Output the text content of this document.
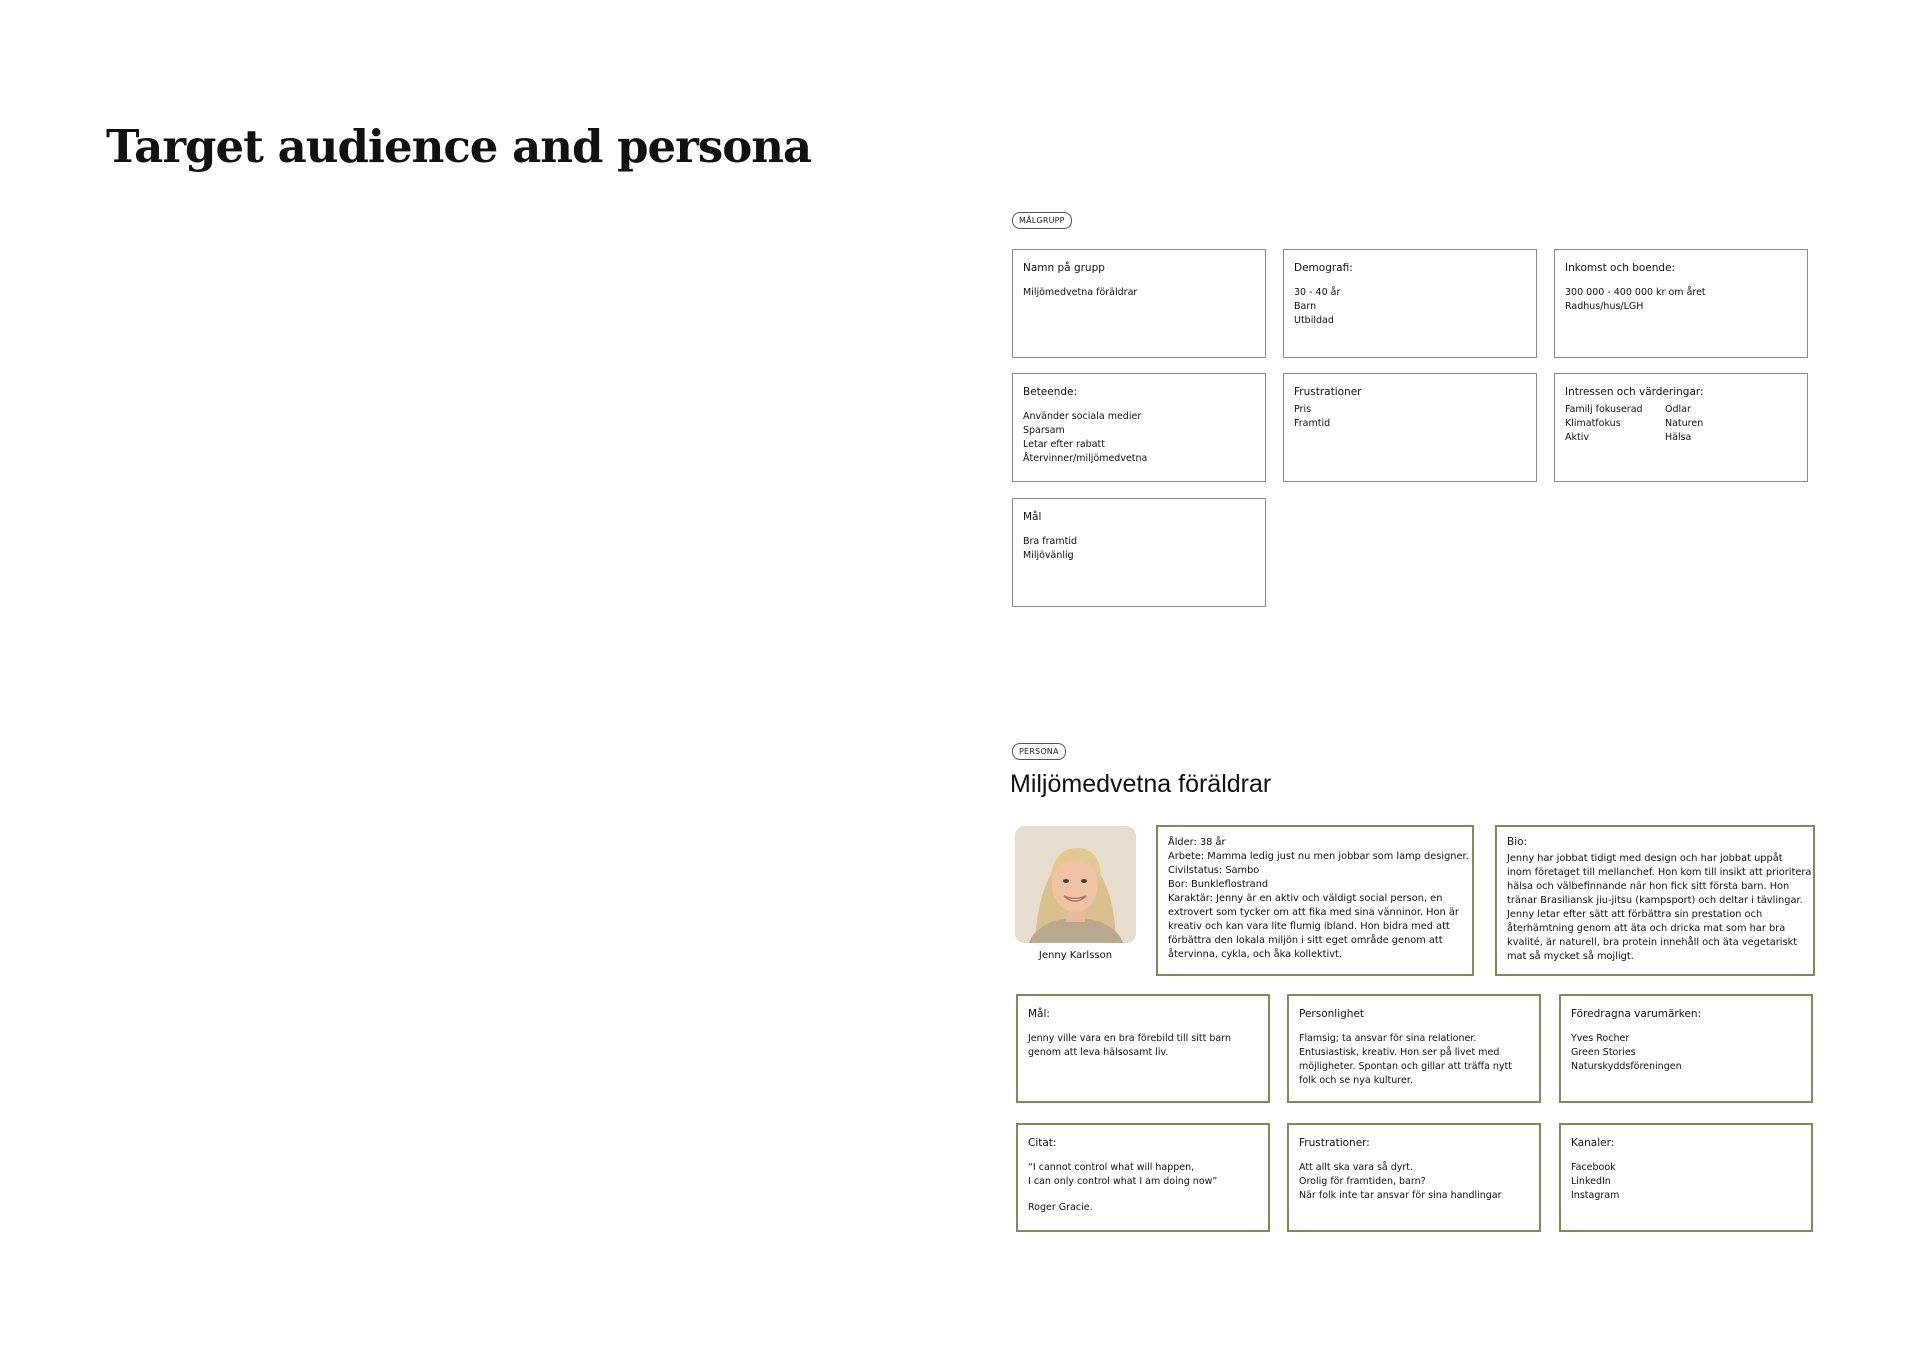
Target audience and persona
MÅLGRUPP
Namn på grupp
Miljömedvetna föräldrar
Demografi:
30 - 40 år
Barn
Utbildad
Inkomst och boende:
300 000 - 400 000 kr om året
Radhus/hus/LGH
Beteende:
Använder sociala medier
Sparsam
Letar efter rabatt
Återvinner/miljömedvetna
Frustrationer
Pris
Framtid
Intressen och värderingar:
Familj fokuserad
Klimatfokus
Aktiv
Odlar
Naturen
Hälsa
Mål
Bra framtid
Miljövänlig
PERSONA
Miljömedvetna föräldrar
Jenny Karlsson
Ålder: 38 år
Arbete: Mamma ledig just nu men jobbar som lamp designer.
Civilstatus: Sambo
Bor: Bunkleflostrand
Karaktär: Jenny är en aktiv och väldigt social person, en
extrovert som tycker om att fika med sina vänninor. Hon är
kreativ och kan vara lite flumig ibland. Hon bidra med att
förbättra den lokala miljön i sitt eget område genom att
återvinna, cykla, och åka kollektivt.
Bio:
Jenny har jobbat tidigt med design och har jobbat uppåt
inom företaget till mellanchef. Hon kom till insikt att prioritera
hälsa och välbefinnande när hon fick sitt första barn. Hon
tränar Brasiliansk jiu-jitsu (kampsport) och deltar i tävlingar.
Jenny letar efter sätt att förbättra sin prestation och
återhämtning genom att äta och dricka mat som har bra
kvalité, är naturell, bra protein innehåll och äta vegetariskt
mat så mycket så mojligt.
Mål:
Jenny ville vara en bra förebild till sitt barn
genom att leva hälsosamt liv.
Personlighet
Flamsig; ta ansvar för sina relationer.
Entusiastisk, kreativ. Hon ser på livet med
möjligheter. Spontan och gillar att träffa nytt
folk och se nya kulturer.
Föredragna varumärken:
Yves Rocher
Green Stories
Naturskyddsföreningen
Citat:
“I cannot control what will happen,
I can only control what I am doing now”
Roger Gracie.
Frustrationer:
Att allt ska vara så dyrt.
Orolig för framtiden, barn?
När folk inte tar ansvar för sina handlingar
Kanaler:
Facebook
LinkedIn
Instagram
